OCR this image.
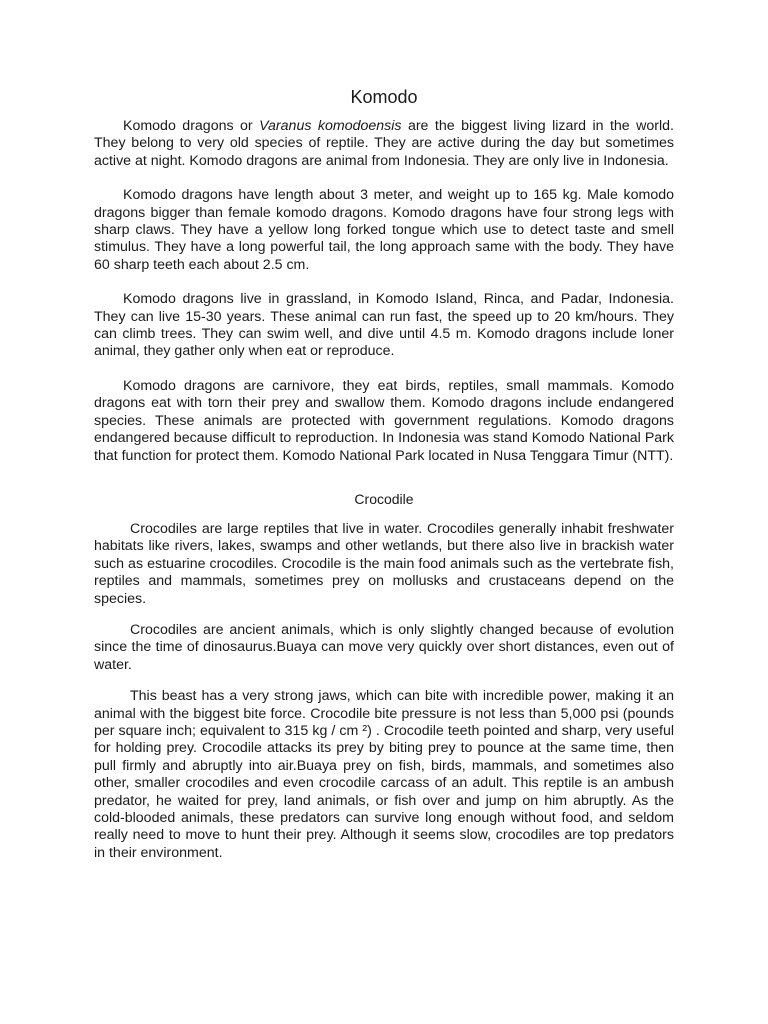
Komodo

Komodo dragons or Varanus komodoensis are the biggest living lizard in the world. They belong to very old species of reptile. They are active during the day but sometimes active at night. Komodo dragons are animal from Indonesia. They are only live in Indonesia.

Komodo dragons have length about 3 meter, and weight up to 165 kg. Male komodo dragons bigger than female komodo dragons. Komodo dragons have four strong legs with sharp claws. They have a yellow long forked tongue which use to detect taste and smell stimulus. They have a long powerful tail, the long approach same with the body. They have 60 sharp teeth each about 2.5 cm.

Komodo dragons live in grassland, in Komodo Island, Rinca, and Padar, Indonesia. They can live 15-30 years. These animal can run fast, the speed up to 20 km/hours. They can climb trees. They can swim well, and dive until 4.5 m. Komodo dragons include loner animal, they gather only when eat or reproduce.

Komodo dragons are carnivore, they eat birds, reptiles, small mammals. Komodo dragons eat with torn their prey and swallow them. Komodo dragons include endangered species. These animals are protected with government regulations. Komodo dragons endangered because difficult to reproduction. In Indonesia was stand Komodo National Park that function for protect them. Komodo National Park located in Nusa Tenggara Timur (NTT).

Crocodile

Crocodiles are large reptiles that live in water. Crocodiles generally inhabit freshwater habitats like rivers, lakes, swamps and other wetlands, but there also live in brackish water such as estuarine crocodiles. Crocodile is the main food animals such as the vertebrate fish, reptiles and mammals, sometimes prey on mollusks and crustaceans depend on the species.

Crocodiles are ancient animals, which is only slightly changed because of evolution since the time of dinosaurus.Buaya can move very quickly over short distances, even out of water.

This beast has a very strong jaws, which can bite with incredible power, making it an animal with the biggest bite force. Crocodile bite pressure is not less than 5,000 psi (pounds per square inch; equivalent to 315 kg / cm ²) . Crocodile teeth pointed and sharp, very useful for holding prey. Crocodile attacks its prey by biting prey to pounce at the same time, then pull firmly and abruptly into air.Buaya prey on fish, birds, mammals, and sometimes also other, smaller crocodiles and even crocodile carcass of an adult. This reptile is an ambush predator, he waited for prey, land animals, or fish over and jump on him abruptly. As the cold-blooded animals, these predators can survive long enough without food, and seldom really need to move to hunt their prey. Although it seems slow, crocodiles are top predators in their environment.
